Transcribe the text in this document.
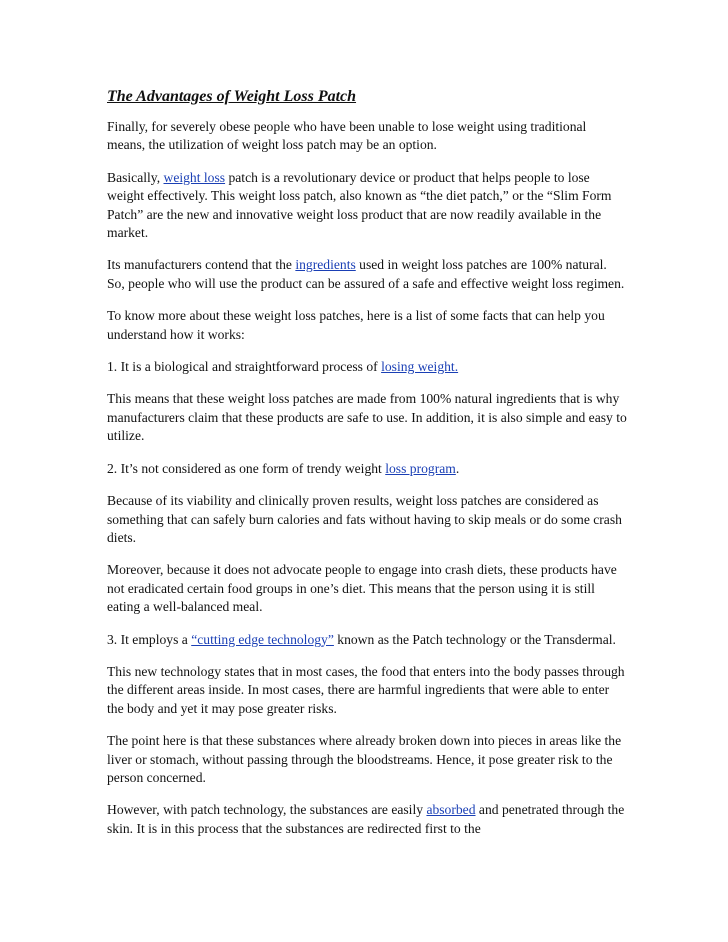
The Advantages of Weight Loss Patch

Finally, for severely obese people who have been unable to lose weight using traditional means, the utilization of weight loss patch may be an option.

Basically, weight loss patch is a revolutionary device or product that helps people to lose weight effectively. This weight loss patch, also known as “the diet patch,” or the “Slim Form Patch” are the new and innovative weight loss product that are now readily available in the market.

Its manufacturers contend that the ingredients used in weight loss patches are 100% natural. So, people who will use the product can be assured of a safe and effective weight loss regimen.

To know more about these weight loss patches, here is a list of some facts that can help you understand how it works:

1. It is a biological and straightforward process of losing weight.

This means that these weight loss patches are made from 100% natural ingredients that is why manufacturers claim that these products are safe to use. In addition, it is also simple and easy to utilize.

2. It’s not considered as one form of trendy weight loss program.

Because of its viability and clinically proven results, weight loss patches are considered as something that can safely burn calories and fats without having to skip meals or do some crash diets.

Moreover, because it does not advocate people to engage into crash diets, these products have not eradicated certain food groups in one’s diet. This means that the person using it is still eating a well-balanced meal.

3. It employs a “cutting edge technology” known as the Patch technology or the Transdermal.

This new technology states that in most cases, the food that enters into the body passes through the different areas inside. In most cases, there are harmful ingredients that were able to enter the body and yet it may pose greater risks.

The point here is that these substances where already broken down into pieces in areas like the liver or stomach, without passing through the bloodstreams. Hence, it pose greater risk to the person concerned.

However, with patch technology, the substances are easily absorbed and penetrated through the skin. It is in this process that the substances are redirected first to the
